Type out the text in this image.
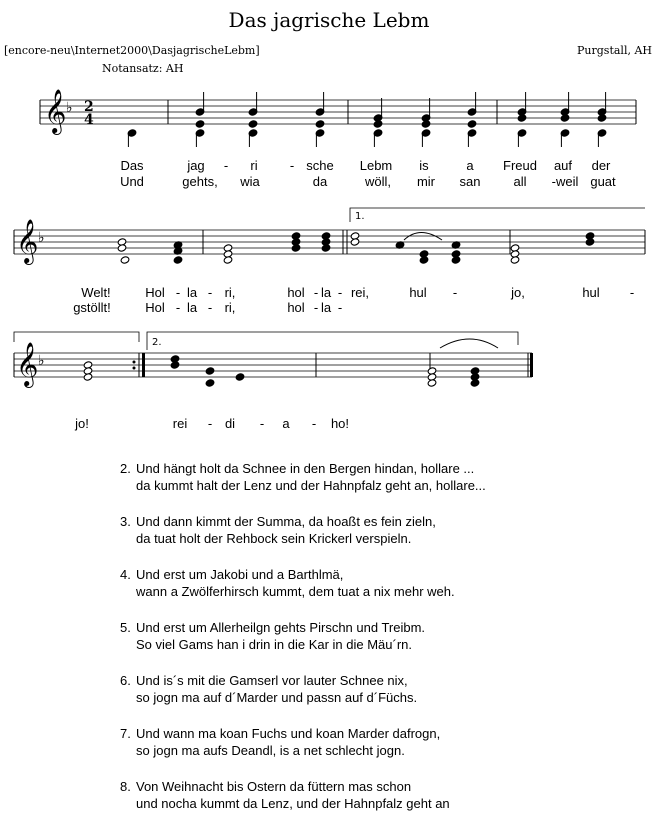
Das jagrische Lebm
[encore-neu\Internet2000\DasjagrischeLebm]	Purgstall, AH
Notansatz: AH
𝄞 ♭
𝄞 ♭
𝄞 ♭
2
4
1.
2.
Das	jag - ri - sche Lebm is	a Freud auf der
Und	gehts, wia	da	wöll, mir san	all -weil guat
Welt!	Hol - la - ri,	hol - la - rei,	hul -	jo,	hul -
gstöllt!	Hol - la - ri,	hol - la -
jo!	rei - di - a - ho!
2. Und hängt holt da Schnee in den Bergen hindan, hollare ...
da kummt halt der Lenz und der Hahnpfalz geht an, hollare...
3. Und dann kimmt der Summa, da hoaßt es fein zieln,
da tuat holt der Rehbock sein Krickerl verspieln.
4. Und erst um Jakobi und a Barthlmä,
wann a Zwölferhirsch kummt, dem tuat a nix mehr weh.
5. Und erst um Allerheilgn gehts Pirschn und Treibm.
So viel Gams han i drin in die Kar in die Mäu´rn.
6. Und is´s mit die Gamserl vor lauter Schnee nix,
so jogn ma auf d´Marder und passn auf d´Füchs.
7. Und wann ma koan Fuchs und koan Marder dafrogn,
so jogn ma aufs Deandl, is a net schlecht jogn.
8. Von Weihnacht bis Ostern da füttern mas schon
und nocha kummt da Lenz, und der Hahnpfalz geht an
